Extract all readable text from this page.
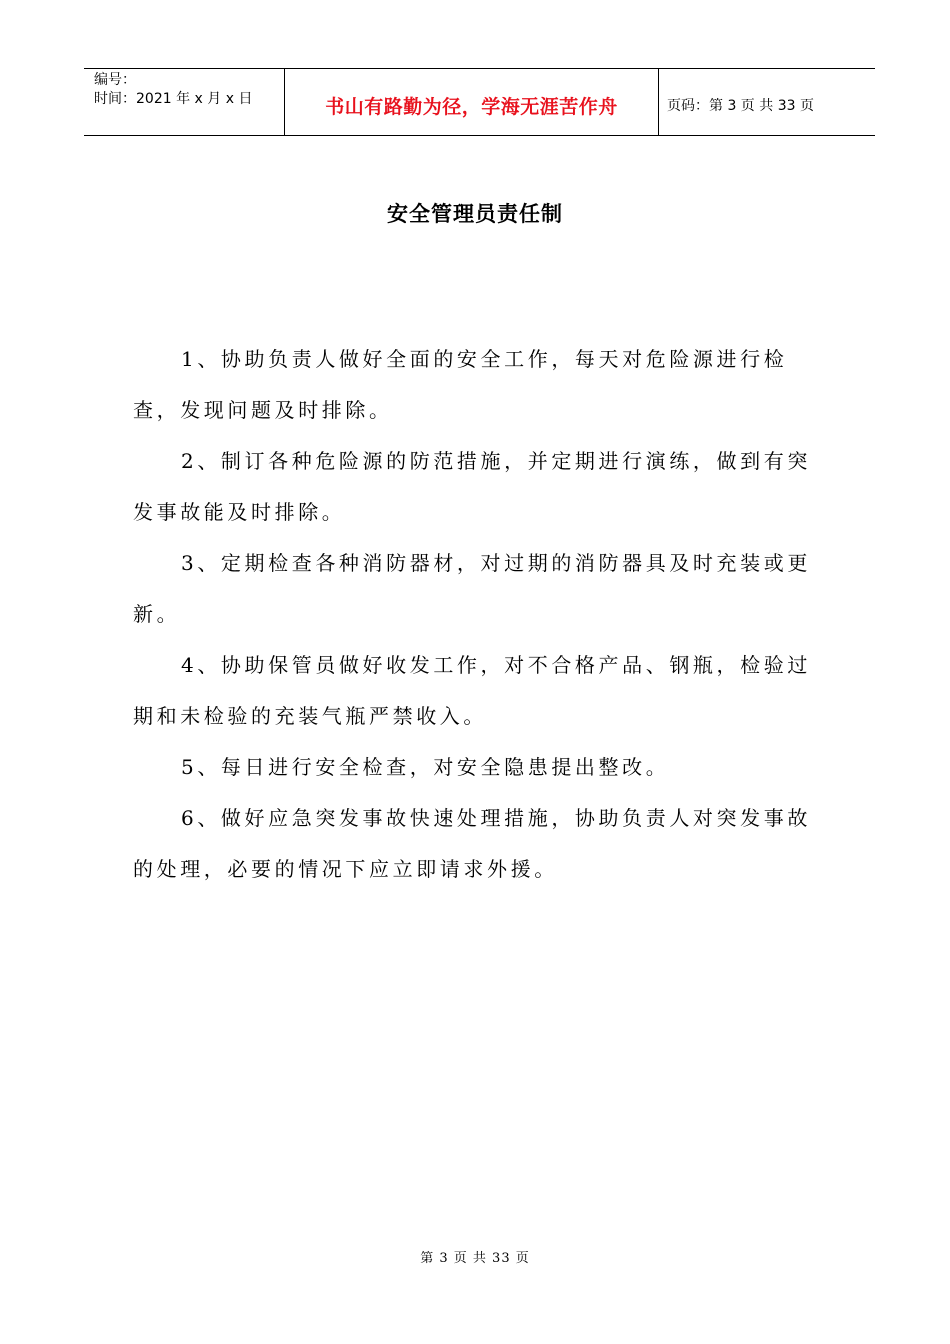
编号：
时间：2021 年 x 月 x 日	书山有路勤为径，学海无涯苦作舟	页码：第 3 页 共 33 页
安全管理员责任制

1、协助负责人做好全面的安全工作，每天对危险源进行检查，发现问题及时排除。

2、制订各种危险源的防范措施，并定期进行演练，做到有突发事故能及时排除。

3、定期检查各种消防器材，对过期的消防器具及时充装或更新。

4、协助保管员做好收发工作，对不合格产品、钢瓶，检验过期和未检验的充装气瓶严禁收入。

5、每日进行安全检查，对安全隐患提出整改。

6、做好应急突发事故快速处理措施，协助负责人对突发事故的处理，必要的情况下应立即请求外援。

第 3 页 共 33 页
